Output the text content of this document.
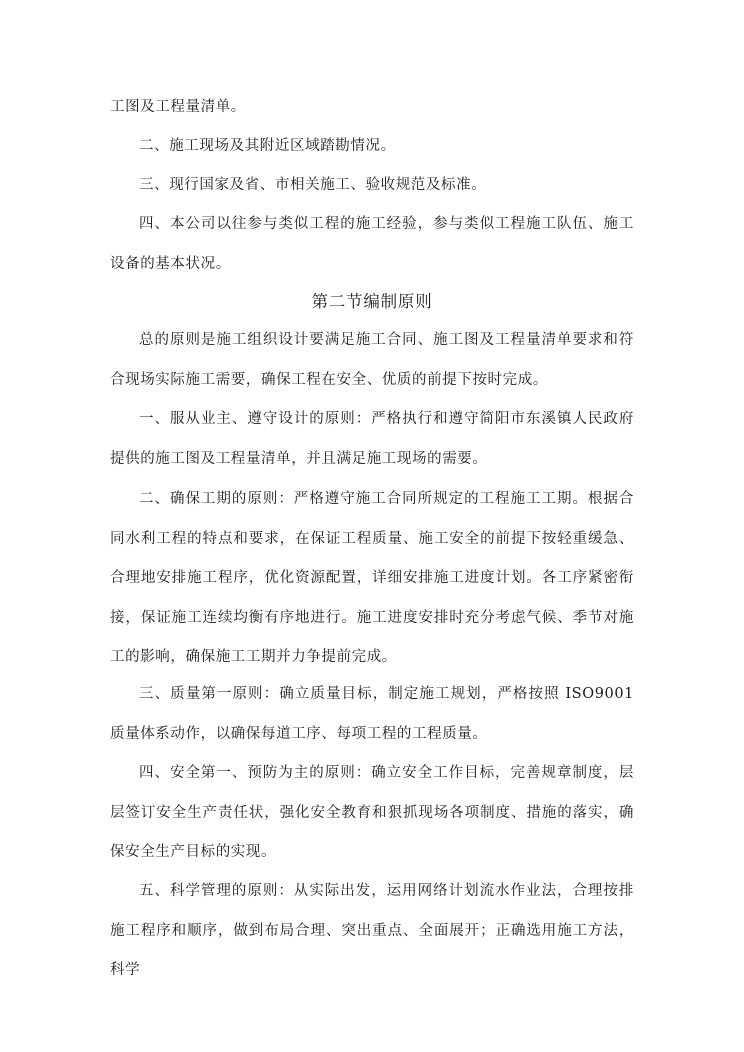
工图及工程量清单。

二、施工现场及其附近区域踏勘情况。

三、现行国家及省、市相关施工、验收规范及标准。

四、本公司以往参与类似工程的施工经验，参与类似工程施工队伍、施工设备的基本状况。

第二节编制原则

总的原则是施工组织设计要满足施工合同、施工图及工程量清单要求和符合现场实际施工需要，确保工程在安全、优质的前提下按时完成。

一、服从业主、遵守设计的原则：严格执行和遵守简阳市东溪镇人民政府提供的施工图及工程量清单，并且满足施工现场的需要。

二、确保工期的原则：严格遵守施工合同所规定的工程施工工期。根据合同水利工程的特点和要求，在保证工程质量、施工安全的前提下按轻重缓急、合理地安排施工程序，优化资源配置，详细安排施工进度计划。各工序紧密衔接，保证施工连续均衡有序地进行。施工进度安排时充分考虑气候、季节对施工的影响，确保施工工期并力争提前完成。

三、质量第一原则：确立质量目标，制定施工规划，严格按照 ISO9001 质量体系动作，以确保每道工序、每项工程的工程质量。

四、安全第一、预防为主的原则：确立安全工作目标，完善规章制度，层层签订安全生产责任状，强化安全教育和狠抓现场各项制度、措施的落实，确保安全生产目标的实现。

五、科学管理的原则：从实际出发，运用网络计划流水作业法，合理按排施工程序和顺序，做到布局合理、突出重点、全面展开；正确选用施工方法，科学
